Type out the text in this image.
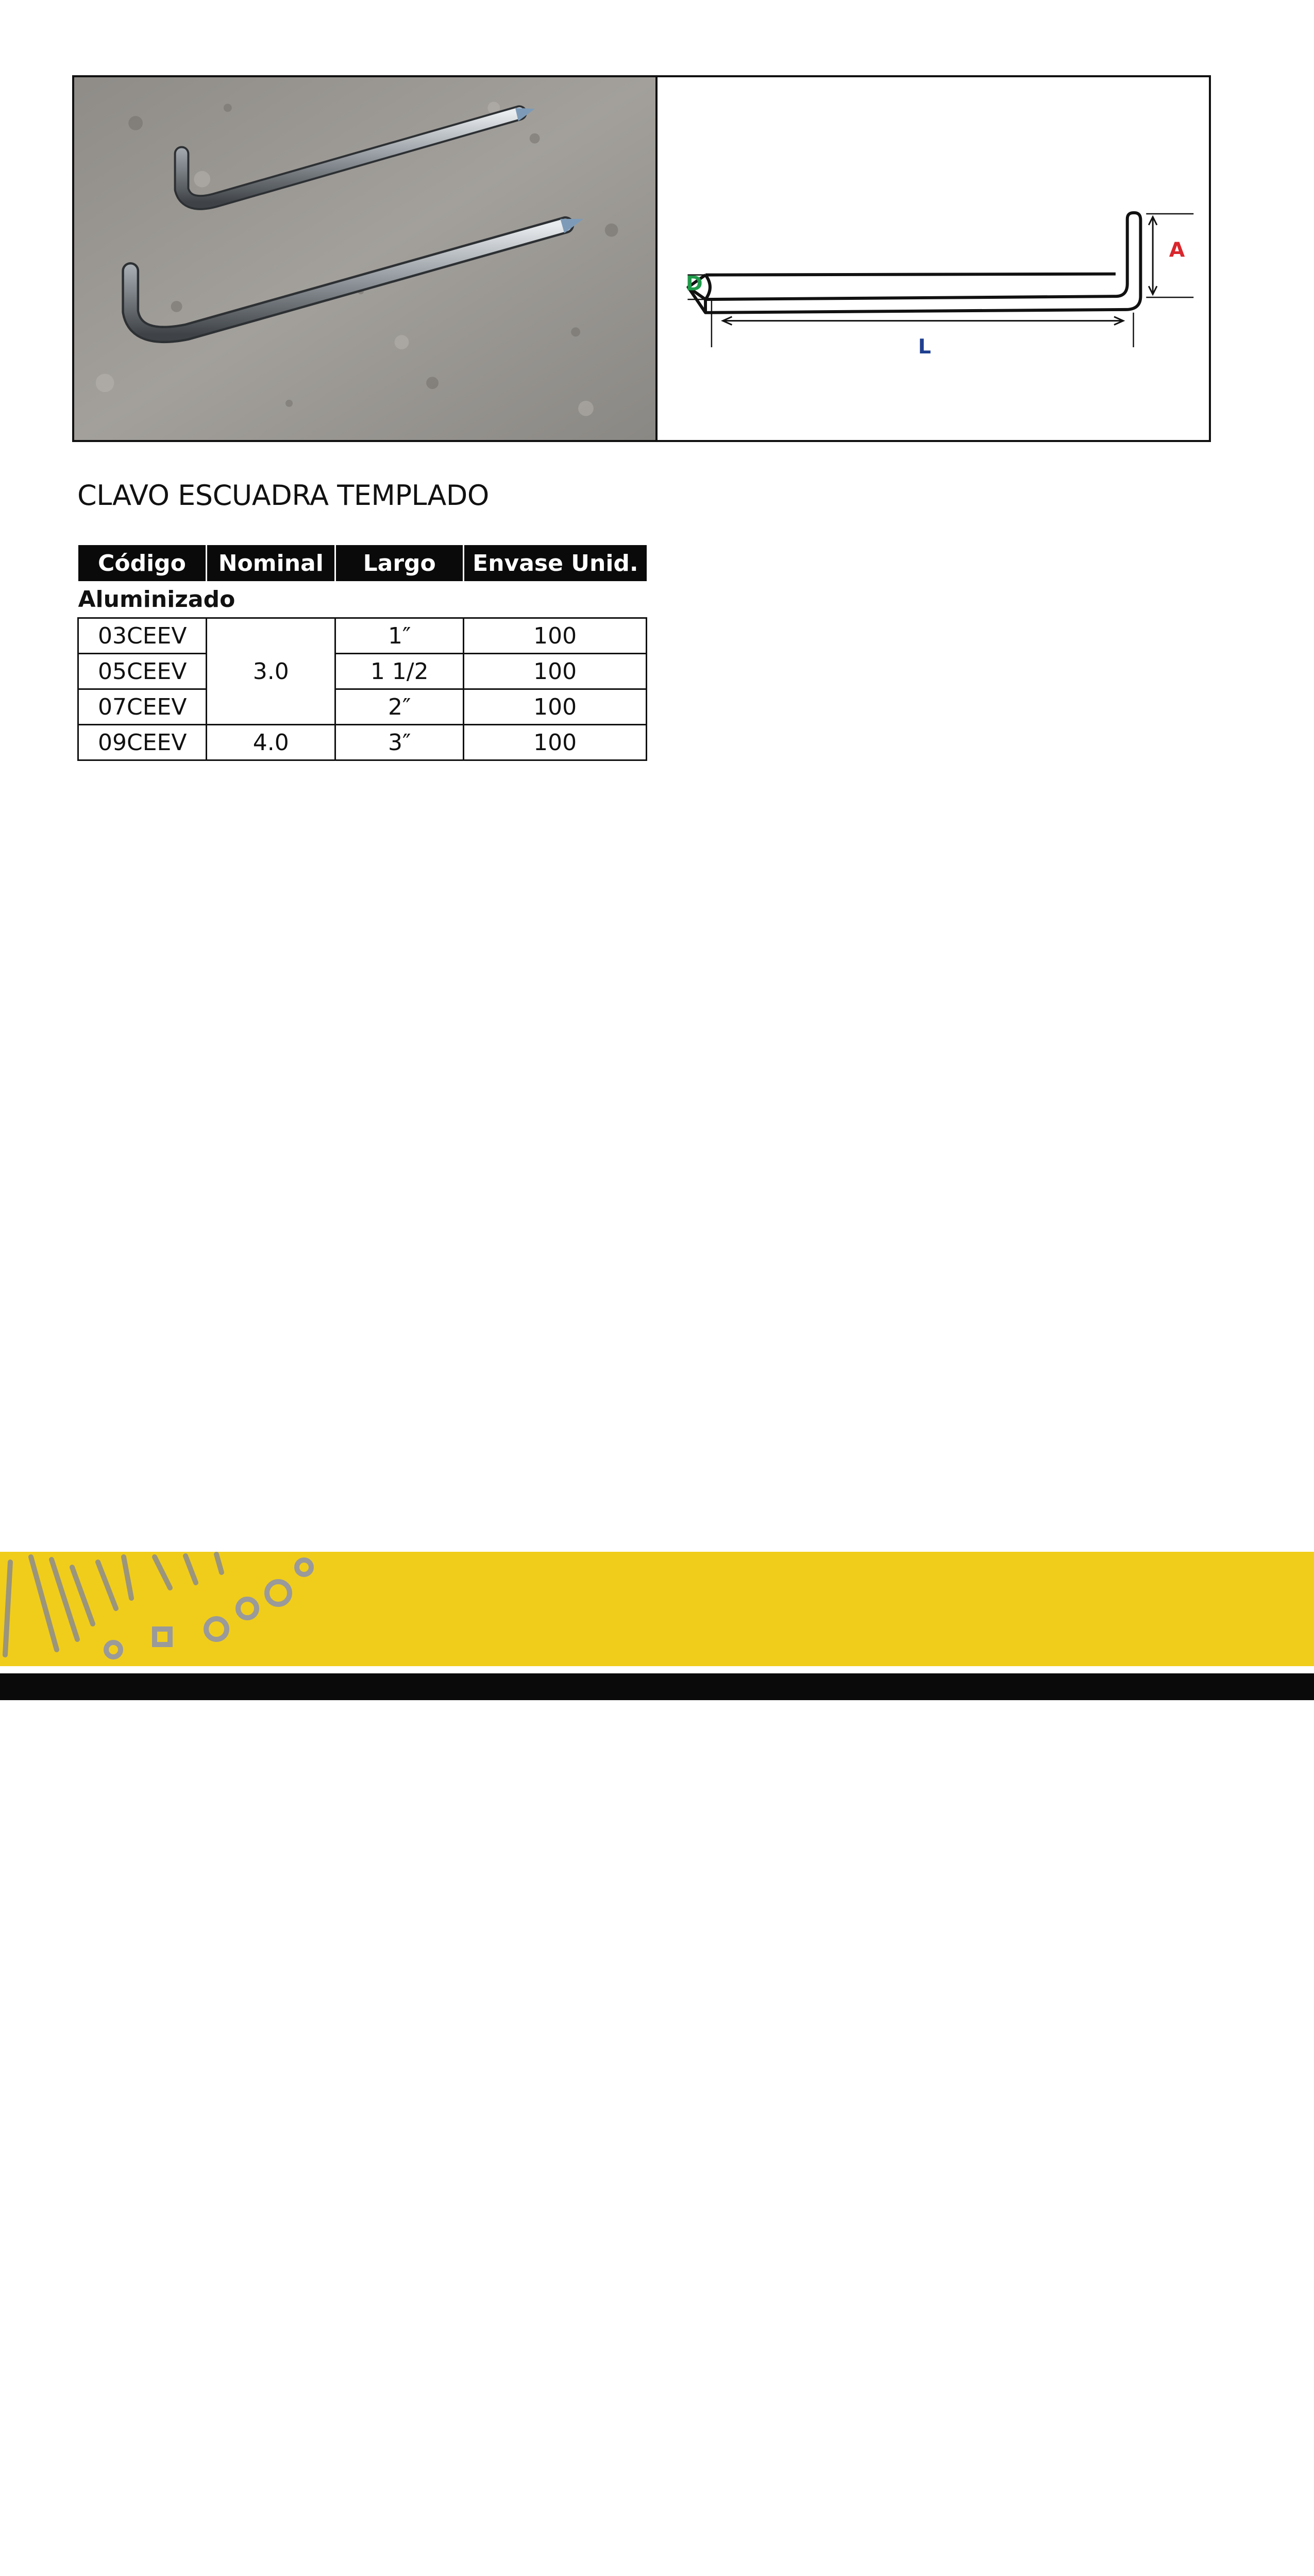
D
A
L
CLAVO ESCUADRA TEMPLADO
Código	Nominal	Largo	Envase Unid.
Aluminizado			
03CEEV	3.0	1″	100
05CEEV		1 1/2	100
07CEEV		2″	100
09CEEV	4.0	3″	100
